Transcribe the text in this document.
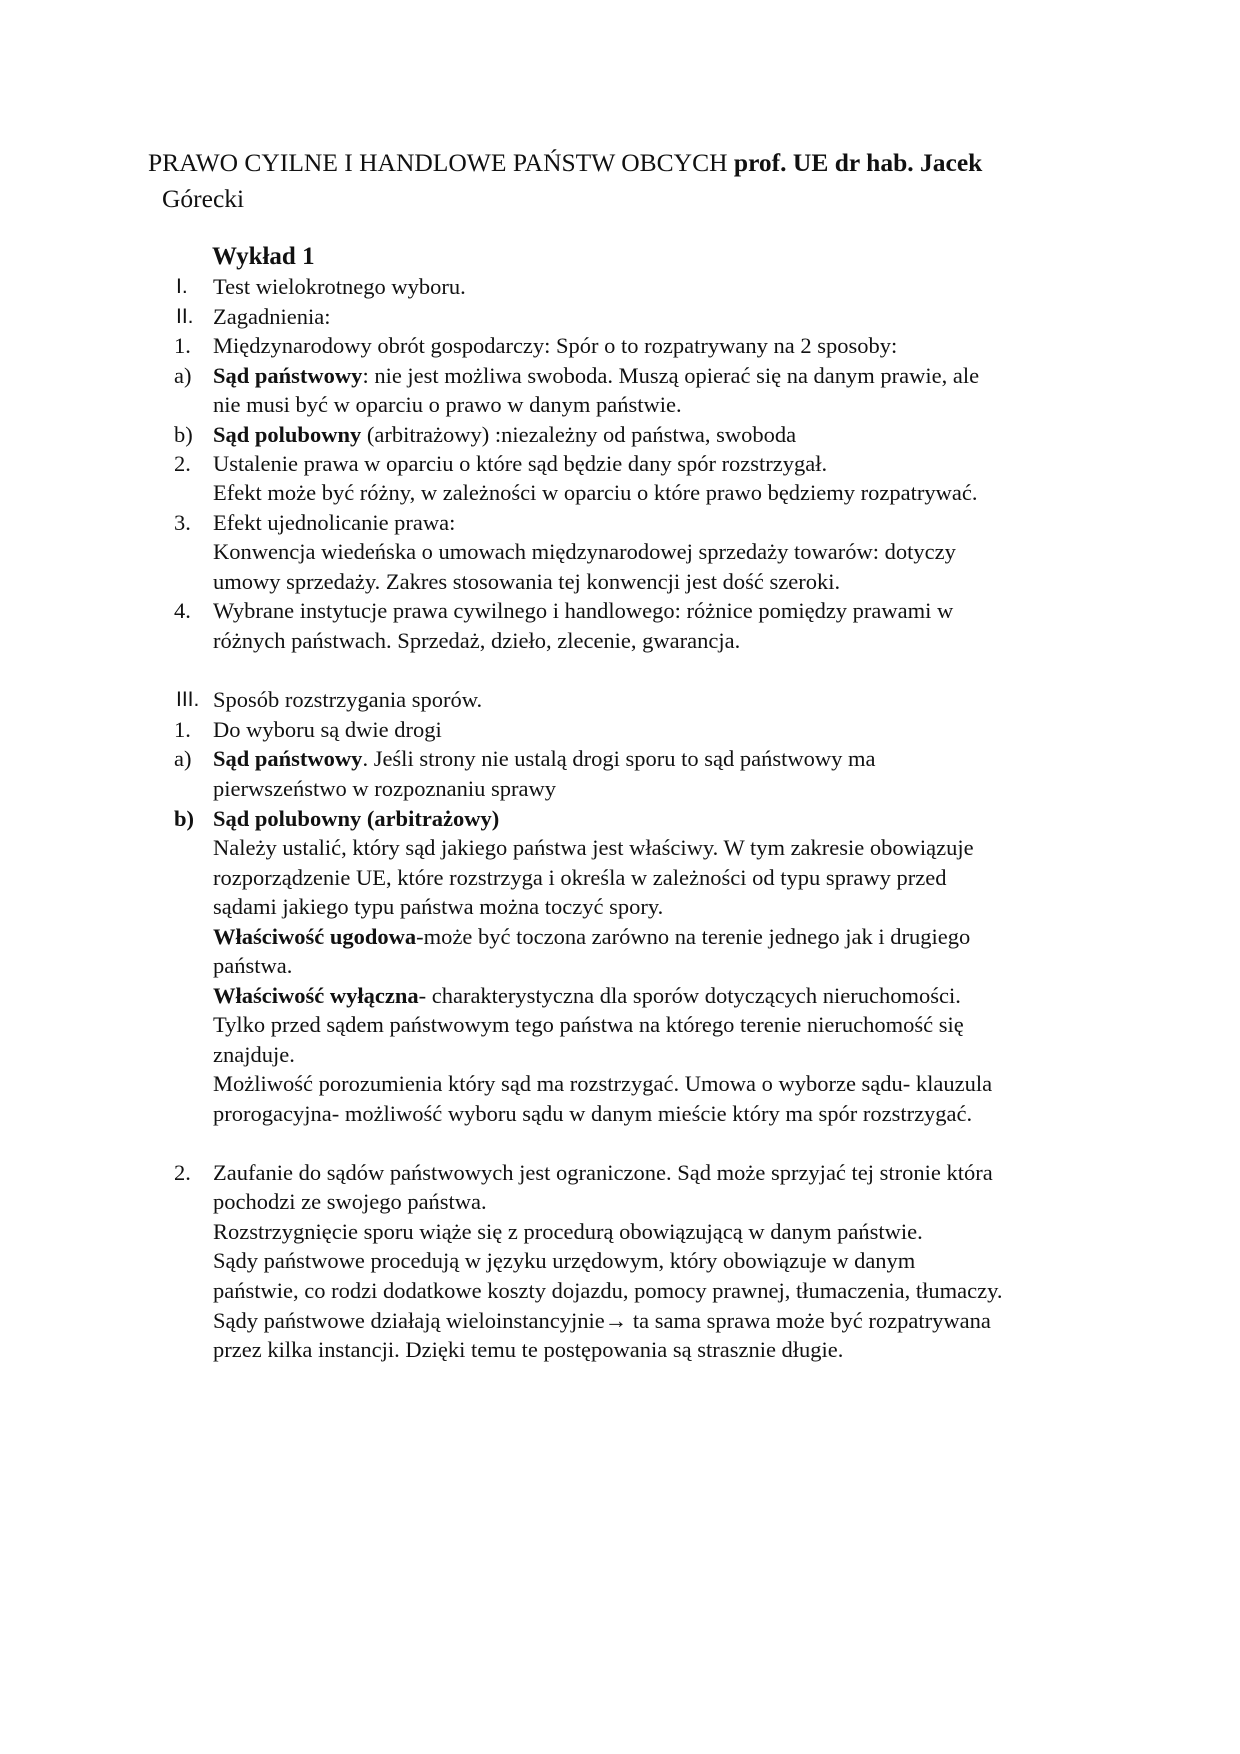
PRAWO CYILNE I HANDLOWE PAŃSTW OBCYCH prof. UE dr hab. Jacek
Górecki
Wykład 1
I.	Test wielokrotnego wyboru.
II. Zagadnienia:
1. Międzynarodowy obrót gospodarczy: Spór o to rozpatrywany na 2 sposoby:
a) Sąd państwowy: nie jest możliwa swoboda. Muszą opierać się na danym prawie, ale
nie musi być w oparciu o prawo w danym państwie.
b) Sąd polubowny (arbitrażowy) :niezależny od państwa, swoboda
2. Ustalenie prawa w oparciu o które sąd będzie dany spór rozstrzygał.
Efekt może być różny, w zależności w oparciu o które prawo będziemy rozpatrywać.
3. Efekt ujednolicanie prawa:
Konwencja wiedeńska o umowach międzynarodowej sprzedaży towarów: dotyczy
umowy sprzedaży. Zakres stosowania tej konwencji jest dość szeroki.
4. Wybrane instytucje prawa cywilnego i handlowego: różnice pomiędzy prawami w
różnych państwach. Sprzedaż, dzieło, zlecenie, gwarancja.
III. Sposób rozstrzygania sporów.
1. Do wyboru są dwie drogi
a) Sąd państwowy. Jeśli strony nie ustalą drogi sporu to sąd państwowy ma
pierwszeństwo w rozpoznaniu sprawy
b) Sąd polubowny (arbitrażowy)
Należy ustalić, który sąd jakiego państwa jest właściwy. W tym zakresie obowiązuje
rozporządzenie UE, które rozstrzyga i określa w zależności od typu sprawy przed
sądami jakiego typu państwa można toczyć spory.
Właściwość ugodowa-może być toczona zarówno na terenie jednego jak i drugiego
państwa.
Właściwość wyłączna- charakterystyczna dla sporów dotyczących nieruchomości.
Tylko przed sądem państwowym tego państwa na którego terenie nieruchomość się
znajduje.
Możliwość porozumienia który sąd ma rozstrzygać. Umowa o wyborze sądu- klauzula
prorogacyjna- możliwość wyboru sądu w danym mieście który ma spór rozstrzygać.
2. Zaufanie do sądów państwowych jest ograniczone. Sąd może sprzyjać tej stronie która
pochodzi ze swojego państwa.
Rozstrzygnięcie sporu wiąże się z procedurą obowiązującą w danym państwie.
Sądy państwowe procedują w języku urzędowym, który obowiązuje w danym
państwie, co rodzi dodatkowe koszty dojazdu, pomocy prawnej, tłumaczenia, tłumaczy.
Sądy państwowe działają wieloinstancyjnie→ ta sama sprawa może być rozpatrywana
przez kilka instancji. Dzięki temu te postępowania są strasznie długie.
